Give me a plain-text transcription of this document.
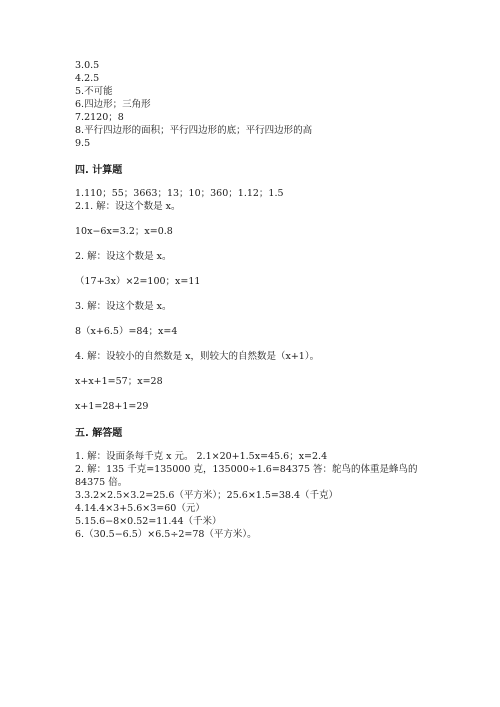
3.0.5
4.2.5
5.不可能
6.四边形；三角形
7.2120；8
8.平行四边形的面积；平行四边形的底；平行四边形的高
9.5
四. 计算题
1.110；55；3663；13；10；360；1.12；1.5
2.1. 解：设这个数是 x。
10x−6x=3.2；x=0.8
2. 解：设这个数是 x。
（17+3x）×2=100；x=11
3. 解：设这个数是 x。
8（x+6.5）=84；x=4
4. 解：设较小的自然数是 x，则较大的自然数是（x+1）。
x+x+1=57；x=28
x+1=28+1=29
五. 解答题
1. 解：设面条每千克 x 元。 2.1×20+1.5x=45.6；x=2.4
2. 解：135 千克=135000 克，135000÷1.6=84375 答：鸵鸟的体重是蜂鸟的
84375 倍。
3.3.2×2.5×3.2=25.6（平方米）；25.6×1.5=38.4（千克）
4.14.4×3+5.6×3=60（元）
5.15.6−8×0.52=11.44（千米）
6.（30.5−6.5）×6.5÷2=78（平方米）。
